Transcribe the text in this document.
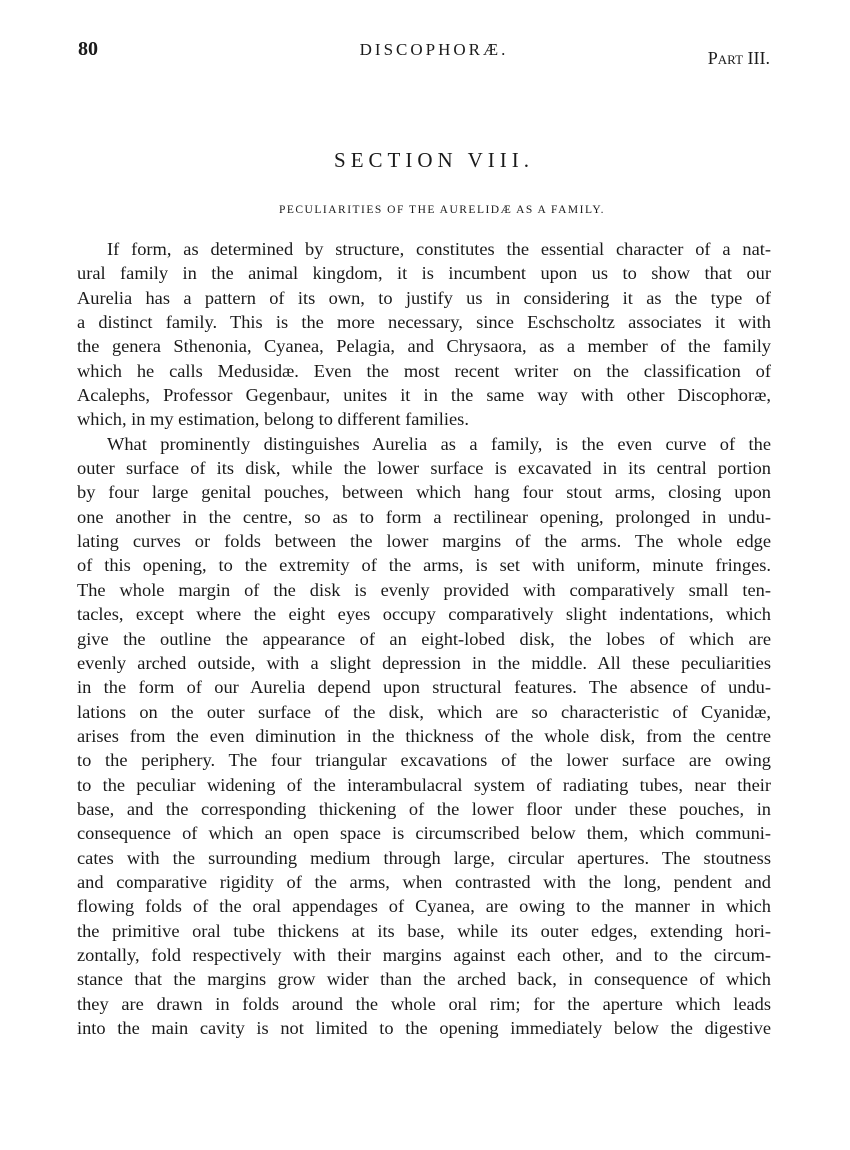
80	DISCOPHORÆ.	Part III.
SECTION VIII.
PECULIARITIES OF THE AURELIDÆ AS A FAMILY.
If form, as determined by structure, constitutes the essential character of a nat-
ural family in the animal kingdom, it is incumbent upon us to show that our
Aurelia has a pattern of its own, to justify us in considering it as the type of
a distinct family. This is the more necessary, since Eschscholtz associates it with
the genera Sthenonia, Cyanea, Pelagia, and Chrysaora, as a member of the family
which he calls Medusidæ. Even the most recent writer on the classification of
Acalephs, Professor Gegenbaur, unites it in the same way with other Discophoræ,
which, in my estimation, belong to different families.
What prominently distinguishes Aurelia as a family, is the even curve of the
outer surface of its disk, while the lower surface is excavated in its central portion
by four large genital pouches, between which hang four stout arms, closing upon
one another in the centre, so as to form a rectilinear opening, prolonged in undu-
lating curves or folds between the lower margins of the arms. The whole edge
of this opening, to the extremity of the arms, is set with uniform, minute fringes.
The whole margin of the disk is evenly provided with comparatively small ten-
tacles, except where the eight eyes occupy comparatively slight indentations, which
give the outline the appearance of an eight-lobed disk, the lobes of which are
evenly arched outside, with a slight depression in the middle. All these peculiarities
in the form of our Aurelia depend upon structural features. The absence of undu-
lations on the outer surface of the disk, which are so characteristic of Cyanidæ,
arises from the even diminution in the thickness of the whole disk, from the centre
to the periphery. The four triangular excavations of the lower surface are owing
to the peculiar widening of the interambulacral system of radiating tubes, near their
base, and the corresponding thickening of the lower floor under these pouches, in
consequence of which an open space is circumscribed below them, which communi-
cates with the surrounding medium through large, circular apertures. The stoutness
and comparative rigidity of the arms, when contrasted with the long, pendent and
flowing folds of the oral appendages of Cyanea, are owing to the manner in which
the primitive oral tube thickens at its base, while its outer edges, extending hori-
zontally, fold respectively with their margins against each other, and to the circum-
stance that the margins grow wider than the arched back, in consequence of which
they are drawn in folds around the whole oral rim; for the aperture which leads
into the main cavity is not limited to the opening immediately below the digestive
